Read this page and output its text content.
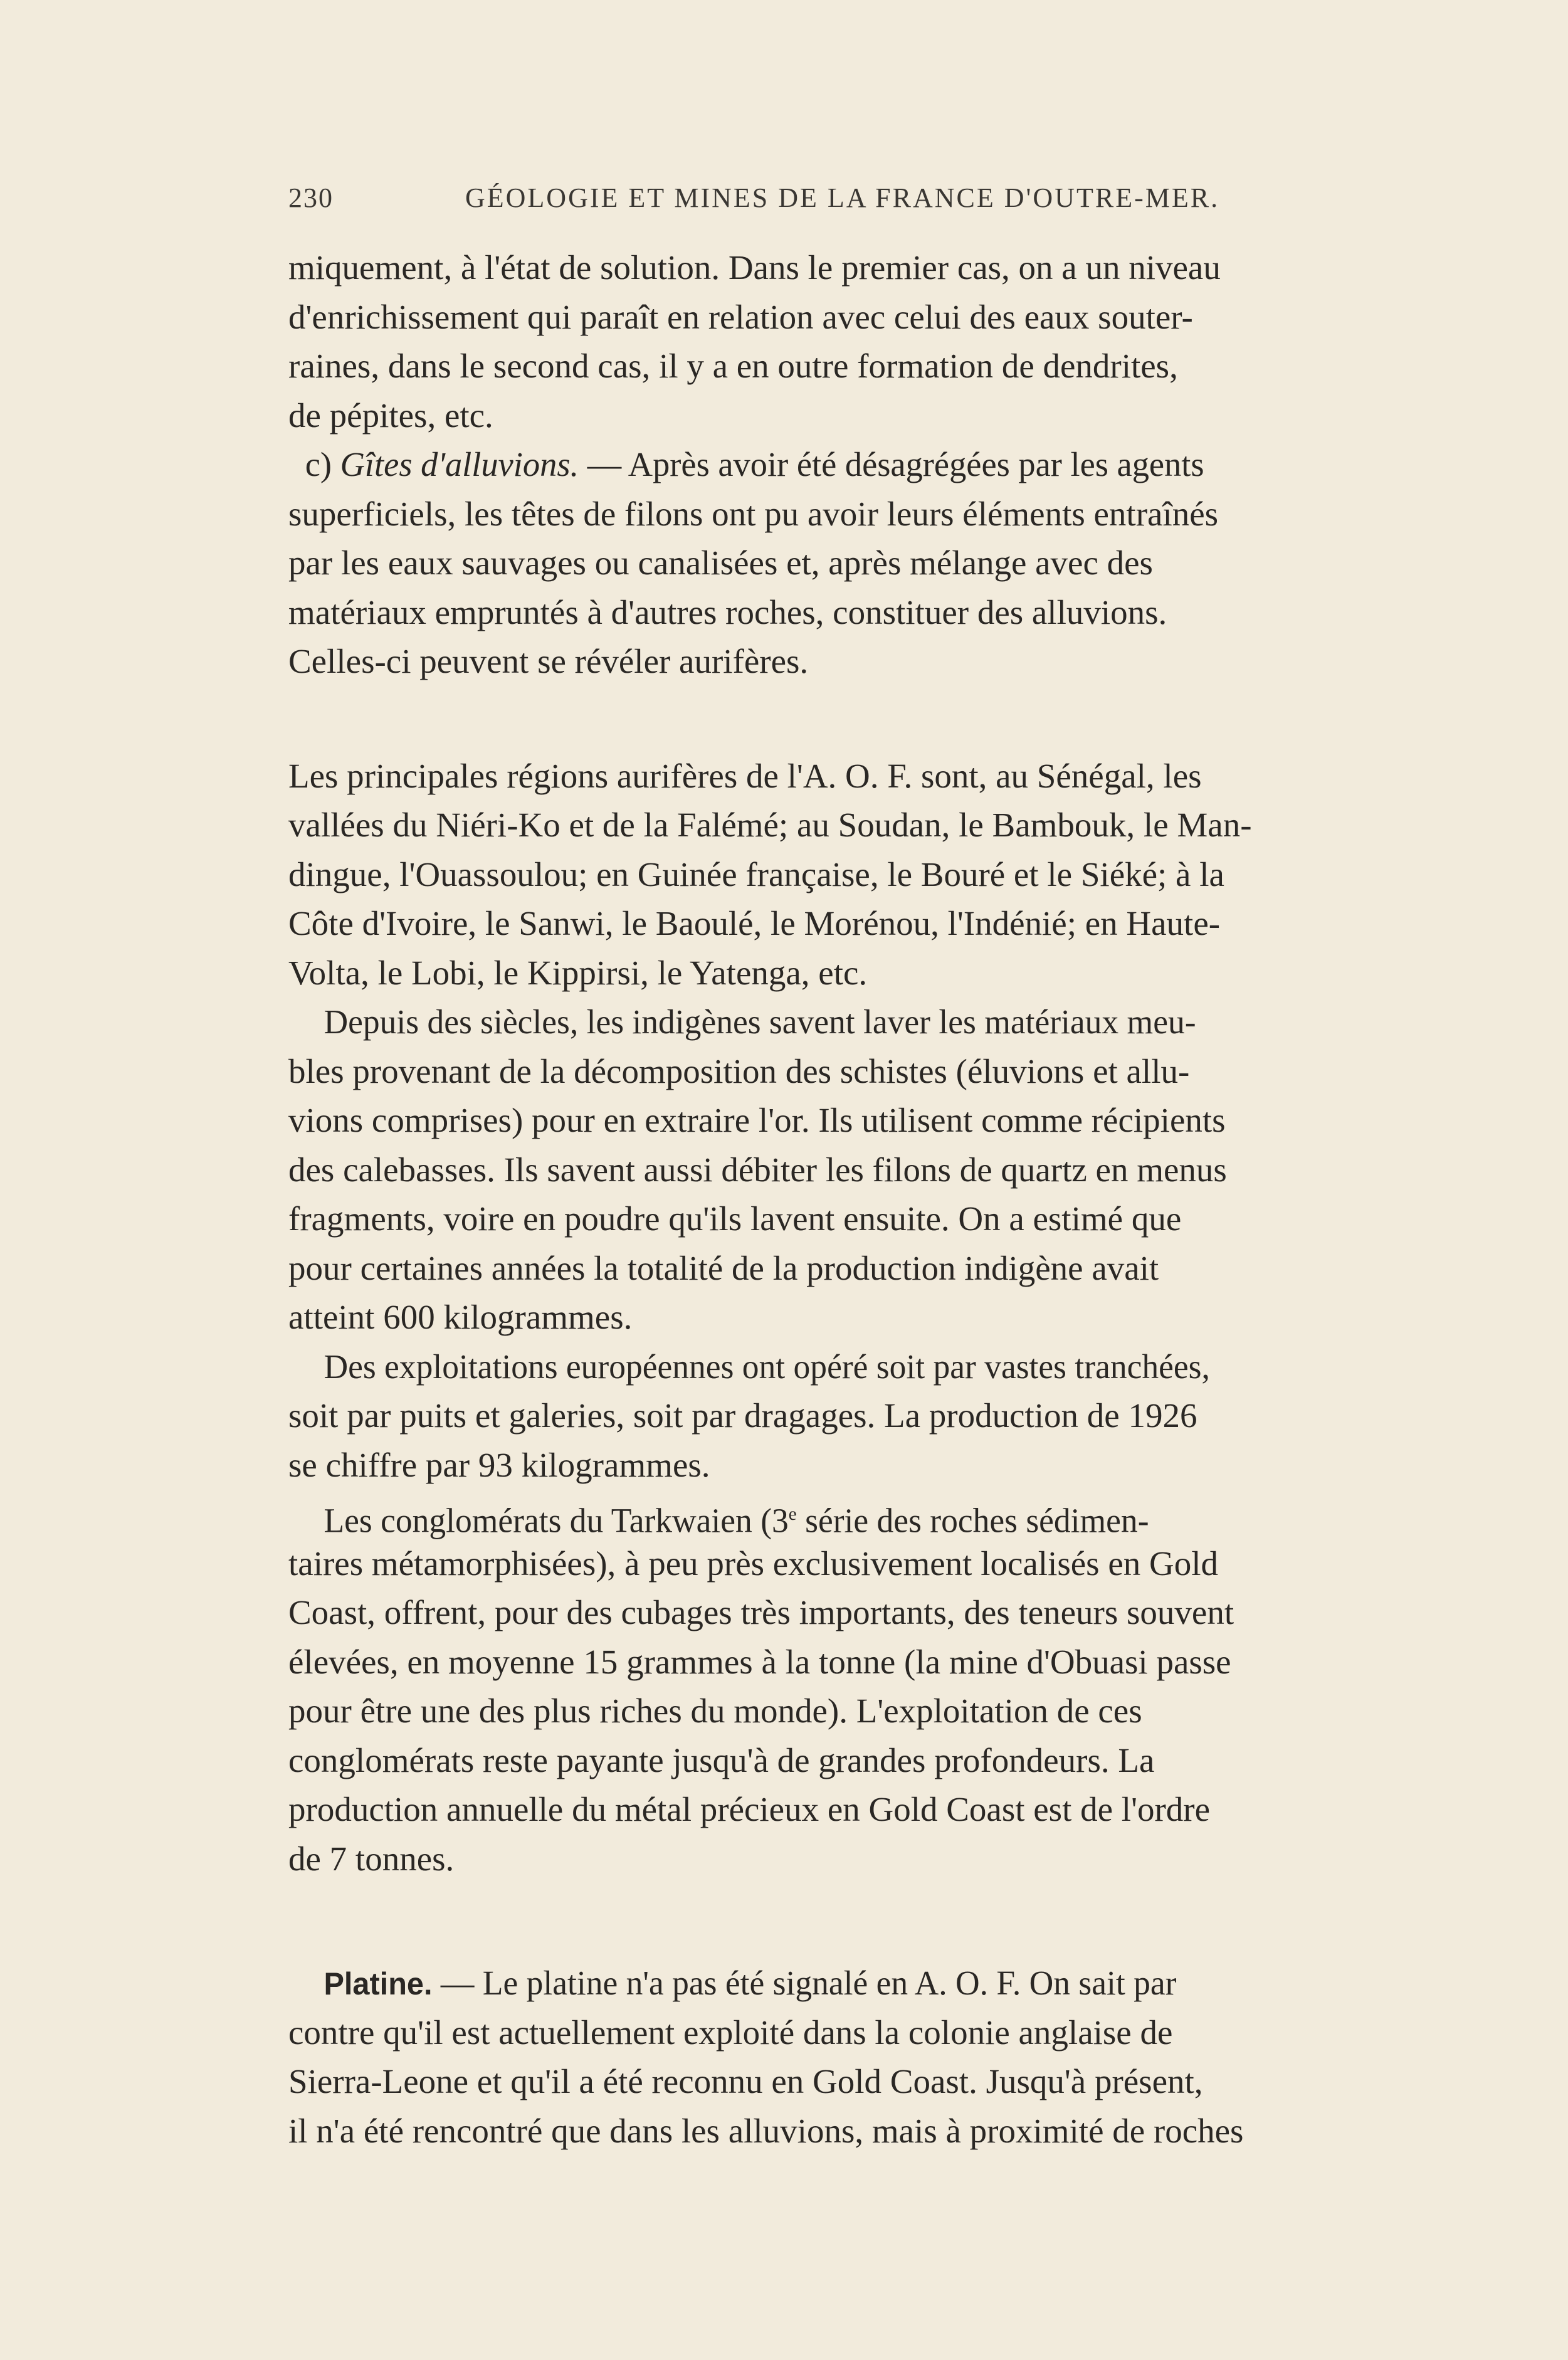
230	GÉOLOGIE ET MINES DE LA FRANCE D'OUTRE-MER.
miquement, à l'état de solution. Dans le premier cas, on a un niveau
d'enrichissement qui paraît en relation avec celui des eaux souter-
raines, dans le second cas, il y a en outre formation de dendrites,
de pépites, etc.
c) Gîtes d'alluvions. — Après avoir été désagrégées par les agents
superficiels, les têtes de filons ont pu avoir leurs éléments entraînés
par les eaux sauvages ou canalisées et, après mélange avec des
matériaux empruntés à d'autres roches, constituer des alluvions.
Celles-ci peuvent se révéler aurifères.
Les principales régions aurifères de l'A. O. F. sont, au Sénégal, les
vallées du Niéri-Ko et de la Falémé; au Soudan, le Bambouk, le Man-
dingue, l'Ouassoulou; en Guinée française, le Bouré et le Siéké; à la
Côte d'Ivoire, le Sanwi, le Baoulé, le Morénou, l'Indénié; en Haute-
Volta, le Lobi, le Kippirsi, le Yatenga, etc.
Depuis des siècles, les indigènes savent laver les matériaux meu-
bles provenant de la décomposition des schistes (éluvions et allu-
vions comprises) pour en extraire l'or. Ils utilisent comme récipients
des calebasses. Ils savent aussi débiter les filons de quartz en menus
fragments, voire en poudre qu'ils lavent ensuite. On a estimé que
pour certaines années la totalité de la production indigène avait
atteint 600 kilogrammes.
Des exploitations européennes ont opéré soit par vastes tranchées,
soit par puits et galeries, soit par dragages. La production de 1926
se chiffre par 93 kilogrammes.
Les conglomérats du Tarkwaien (3e série des roches sédimen-
taires métamorphisées), à peu près exclusivement localisés en Gold
Coast, offrent, pour des cubages très importants, des teneurs souvent
élevées, en moyenne 15 grammes à la tonne (la mine d'Obuasi passe
pour être une des plus riches du monde). L'exploitation de ces
conglomérats reste payante jusqu'à de grandes profondeurs. La
production annuelle du métal précieux en Gold Coast est de l'ordre
de 7 tonnes.
Platine. — Le platine n'a pas été signalé en A. O. F. On sait par
contre qu'il est actuellement exploité dans la colonie anglaise de
Sierra-Leone et qu'il a été reconnu en Gold Coast. Jusqu'à présent,
il n'a été rencontré que dans les alluvions, mais à proximité de roches
